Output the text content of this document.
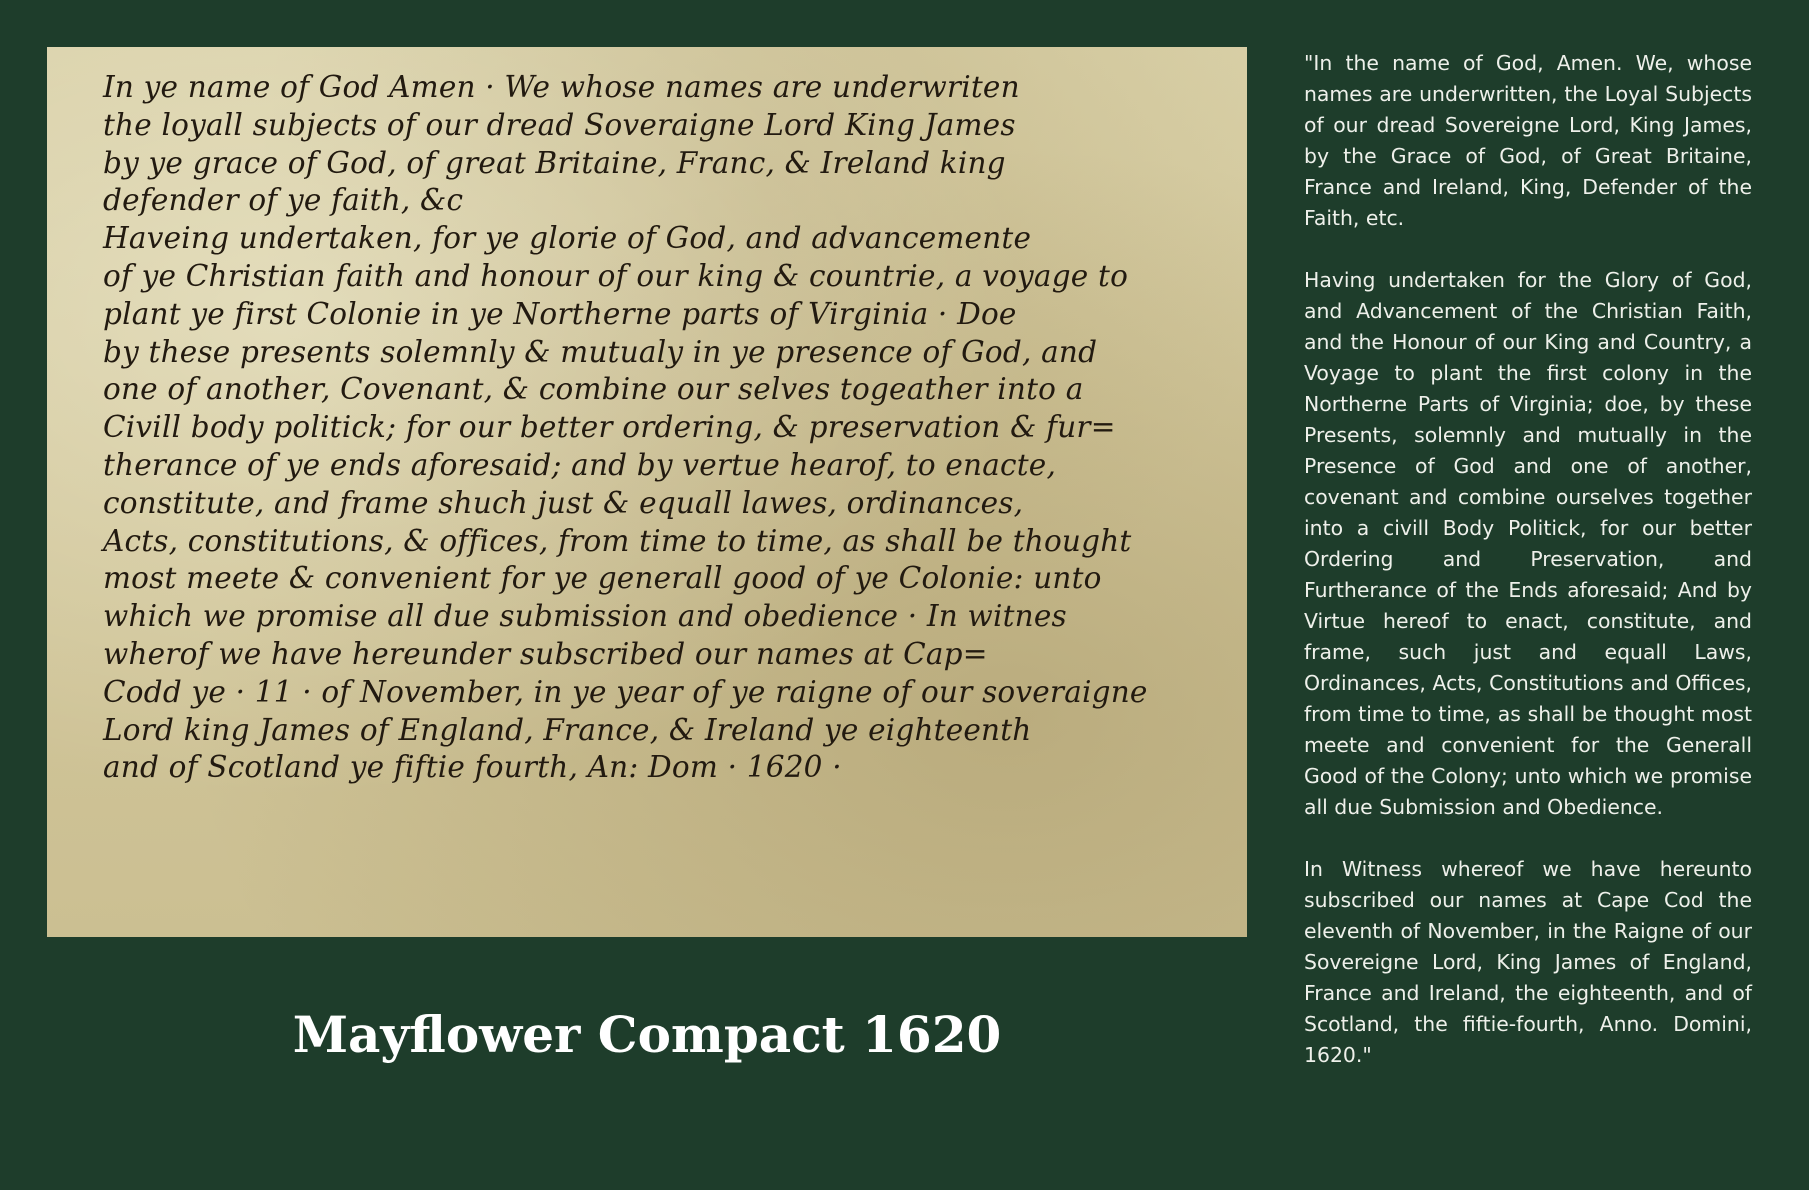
In ye name of God Amen · We whose names are underwriten
the loyall subjects of our dread Soveraigne Lord King James
by ye grace of God, of great Britaine, Franc, & Ireland king
defender of ye faith, &c
Haveing undertaken, for ye glorie of God, and advancemente
of ye Christian faith and honour of our king & countrie, a voyage to
plant ye first Colonie in ye Northerne parts of Virginia · Doe
by these presents solemnly & mutualy in ye presence of God, and
one of another, Covenant, & combine our selves togeather into a
Civill body politick; for our better ordering, & preservation & fur=
therance of ye ends aforesaid; and by vertue hearof, to enacte,
constitute, and frame shuch just & equall lawes, ordinances,
Acts, constitutions, & offices, from time to time, as shall be thought
most meete & convenient for ye generall good of ye Colonie: unto
which we promise all due submission and obedience · In witnes
wherof we have hereunder subscribed our names at Cap=
Codd ye · 11 · of November, in ye year of ye raigne of our soveraigne
Lord king James of England, France, & Ireland ye eighteenth
and of Scotland ye fiftie fourth, An: Dom · 1620 ·
Mayflower Compact 1620

"In the name of God, Amen. We, whose names are underwritten, the Loyal Subjects of our dread Sovereigne Lord, King James, by the Grace of God, of Great Britaine, France and Ireland, King, Defender of the Faith, etc.

Having undertaken for the Glory of God, and Advancement of the Christian Faith, and the Honour of our King and Country, a Voyage to plant the first colony in the Northerne Parts of Virginia; doe, by these Presents, solemnly and mutually in the Presence of God and one of another, covenant and combine ourselves together into a civill Body Politick, for our better Ordering and Preservation, and Furtherance of the Ends aforesaid; And by Virtue hereof to enact, constitute, and frame, such just and equall Laws, Ordinances, Acts, Constitutions and Offices, from time to time, as shall be thought most meete and convenient for the Generall Good of the Colony; unto which we promise all due Submission and Obedience.

In Witness whereof we have hereunto subscribed our names at Cape Cod the eleventh of November, in the Raigne of our Sovereigne Lord, King James of England, France and Ireland, the eighteenth, and of Scotland, the fiftie-fourth, Anno. Domini, 1620."
